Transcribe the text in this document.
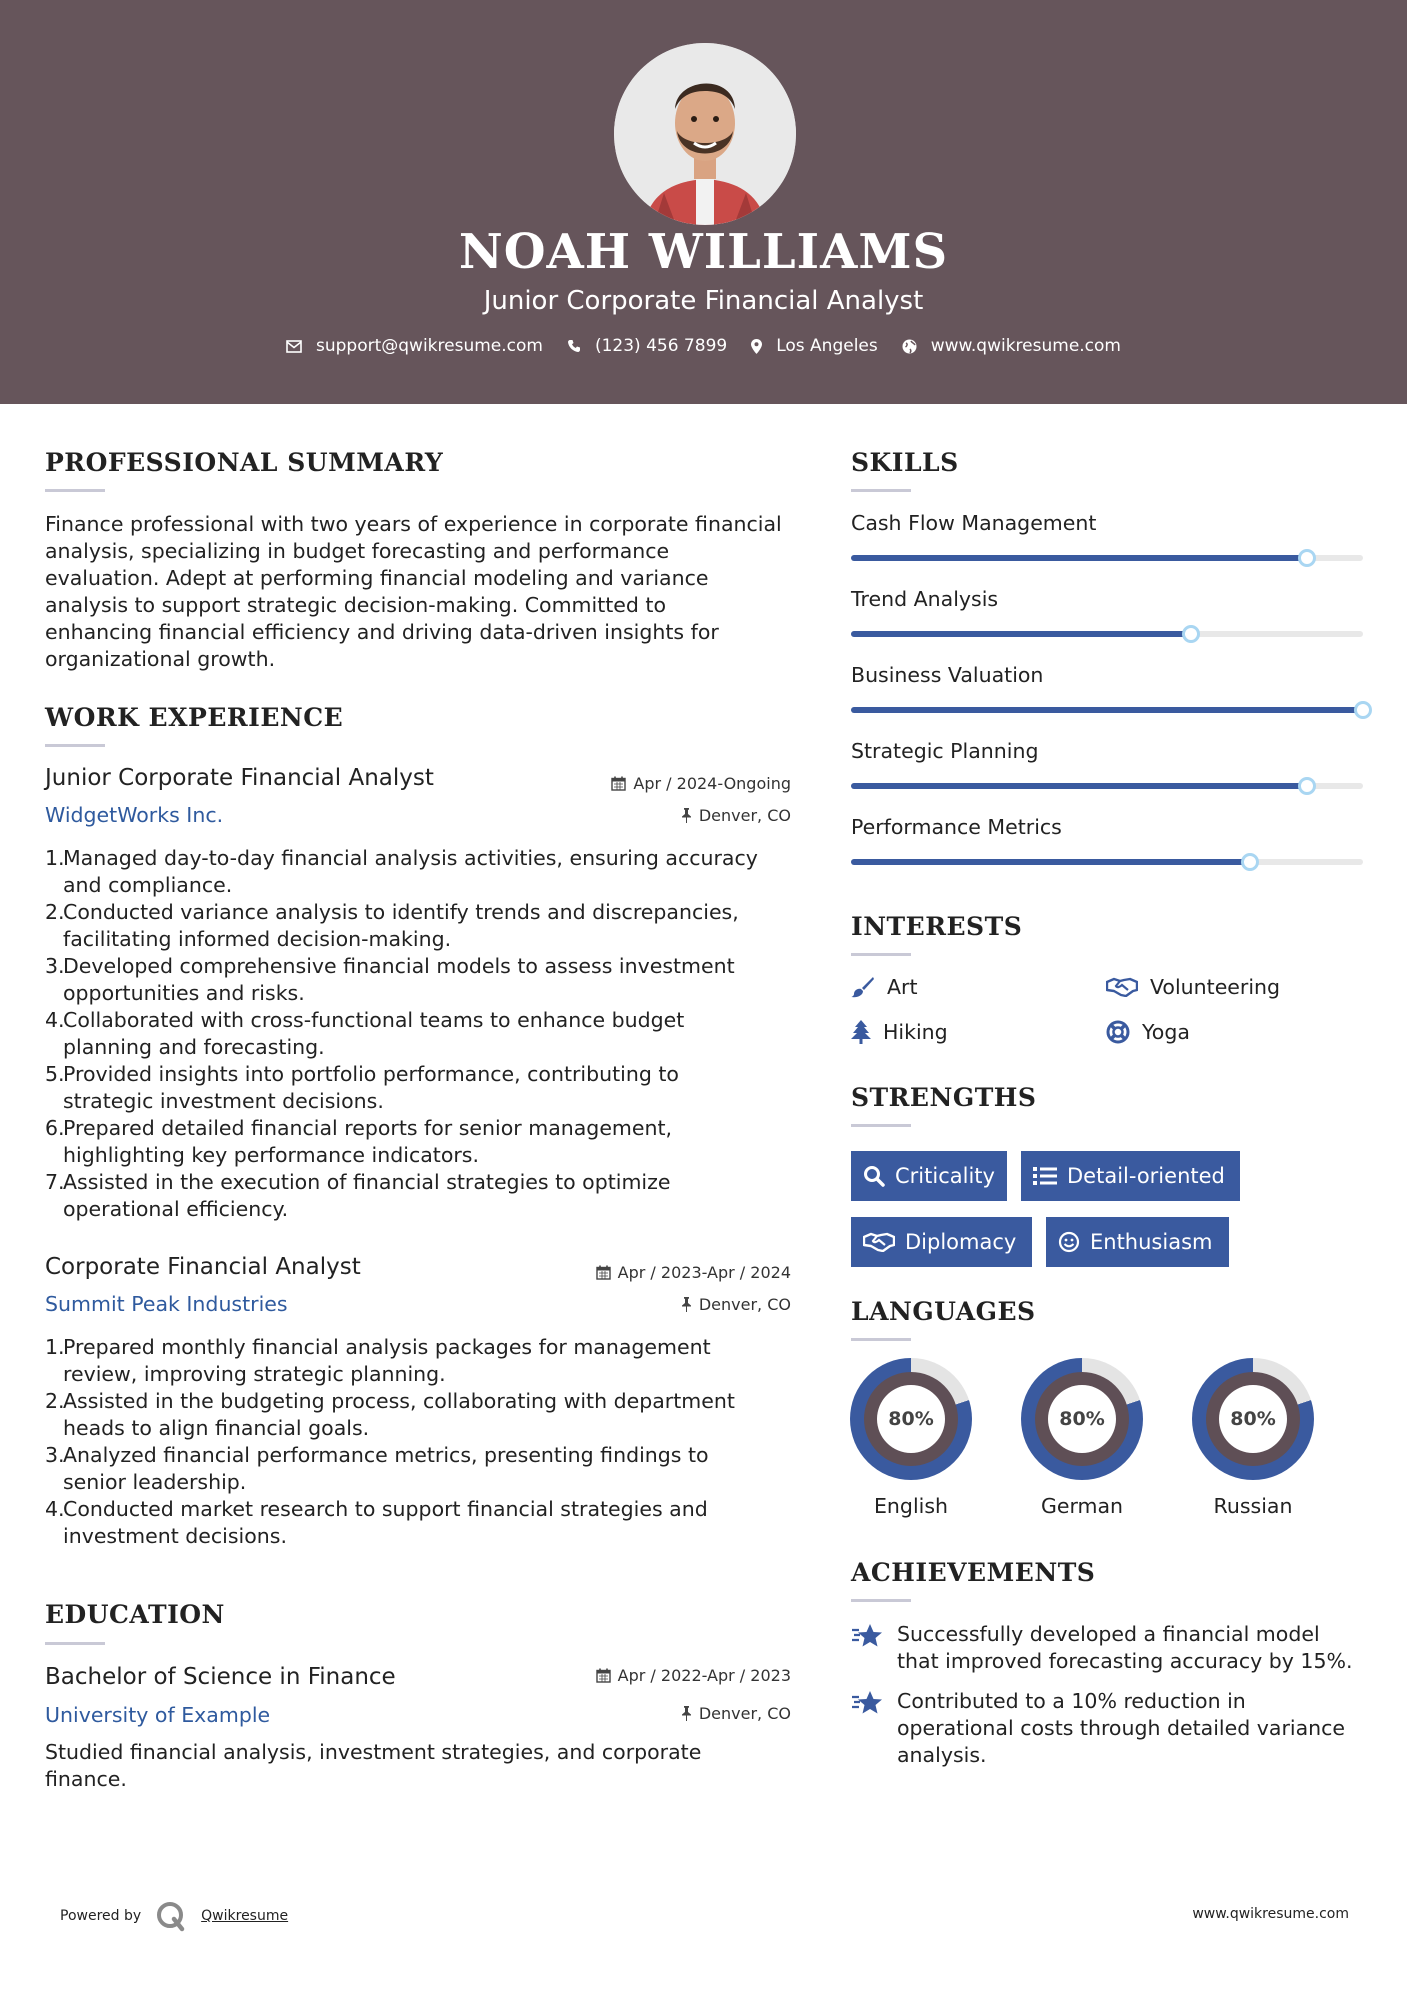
NOAH WILLIAMS
Junior Corporate Financial Analyst
support@qwikresume.com	(123) 456 7899	Los Angeles	www.qwikresume.com
PROFESSIONAL SUMMARY
Finance professional with two years of experience in corporate financial
analysis, specializing in budget forecasting and performance
evaluation. Adept at performing financial modeling and variance
analysis to support strategic decision-making. Committed to
enhancing financial efficiency and driving data-driven insights for
organizational growth.
WORK EXPERIENCE
Junior Corporate Financial Analyst	Apr / 2024-Ongoing
WidgetWorks Inc.	Denver, CO
1.
Managed day-to-day financial analysis activities, ensuring accuracy
and compliance.
2.
Conducted variance analysis to identify trends and discrepancies,
facilitating informed decision-making.
3.
Developed comprehensive financial models to assess investment
opportunities and risks.
4.
Collaborated with cross-functional teams to enhance budget
planning and forecasting.
5.
Provided insights into portfolio performance, contributing to
strategic investment decisions.
6.
Prepared detailed financial reports for senior management,
highlighting key performance indicators.
7.
Assisted in the execution of financial strategies to optimize
operational efficiency.
Corporate Financial Analyst	Apr / 2023-Apr / 2024
Summit Peak Industries	Denver, CO
1.
Prepared monthly financial analysis packages for management
review, improving strategic planning.
2.
Assisted in the budgeting process, collaborating with department
heads to align financial goals.
3.
Analyzed financial performance metrics, presenting findings to
senior leadership.
4.
Conducted market research to support financial strategies and
investment decisions.
EDUCATION
Bachelor of Science in Finance	Apr / 2022-Apr / 2023
University of Example	Denver, CO
Studied financial analysis, investment strategies, and corporate
finance.
SKILLS
Cash Flow Management
Trend Analysis
Business Valuation
Strategic Planning
Performance Metrics
INTERESTS
Art	Volunteering
Hiking	Yoga
STRENGTHS
Criticality	Detail-oriented
Diplomacy	Enthusiasm
LANGUAGES
80%
English
80%
German
80%
Russian
ACHIEVEMENTS
Successfully developed a financial model
that improved forecasting accuracy by 15%.
Contributed to a 10% reduction in
operational costs through detailed variance
analysis.
Powered by	Qwikresume	www.qwikresume.com
